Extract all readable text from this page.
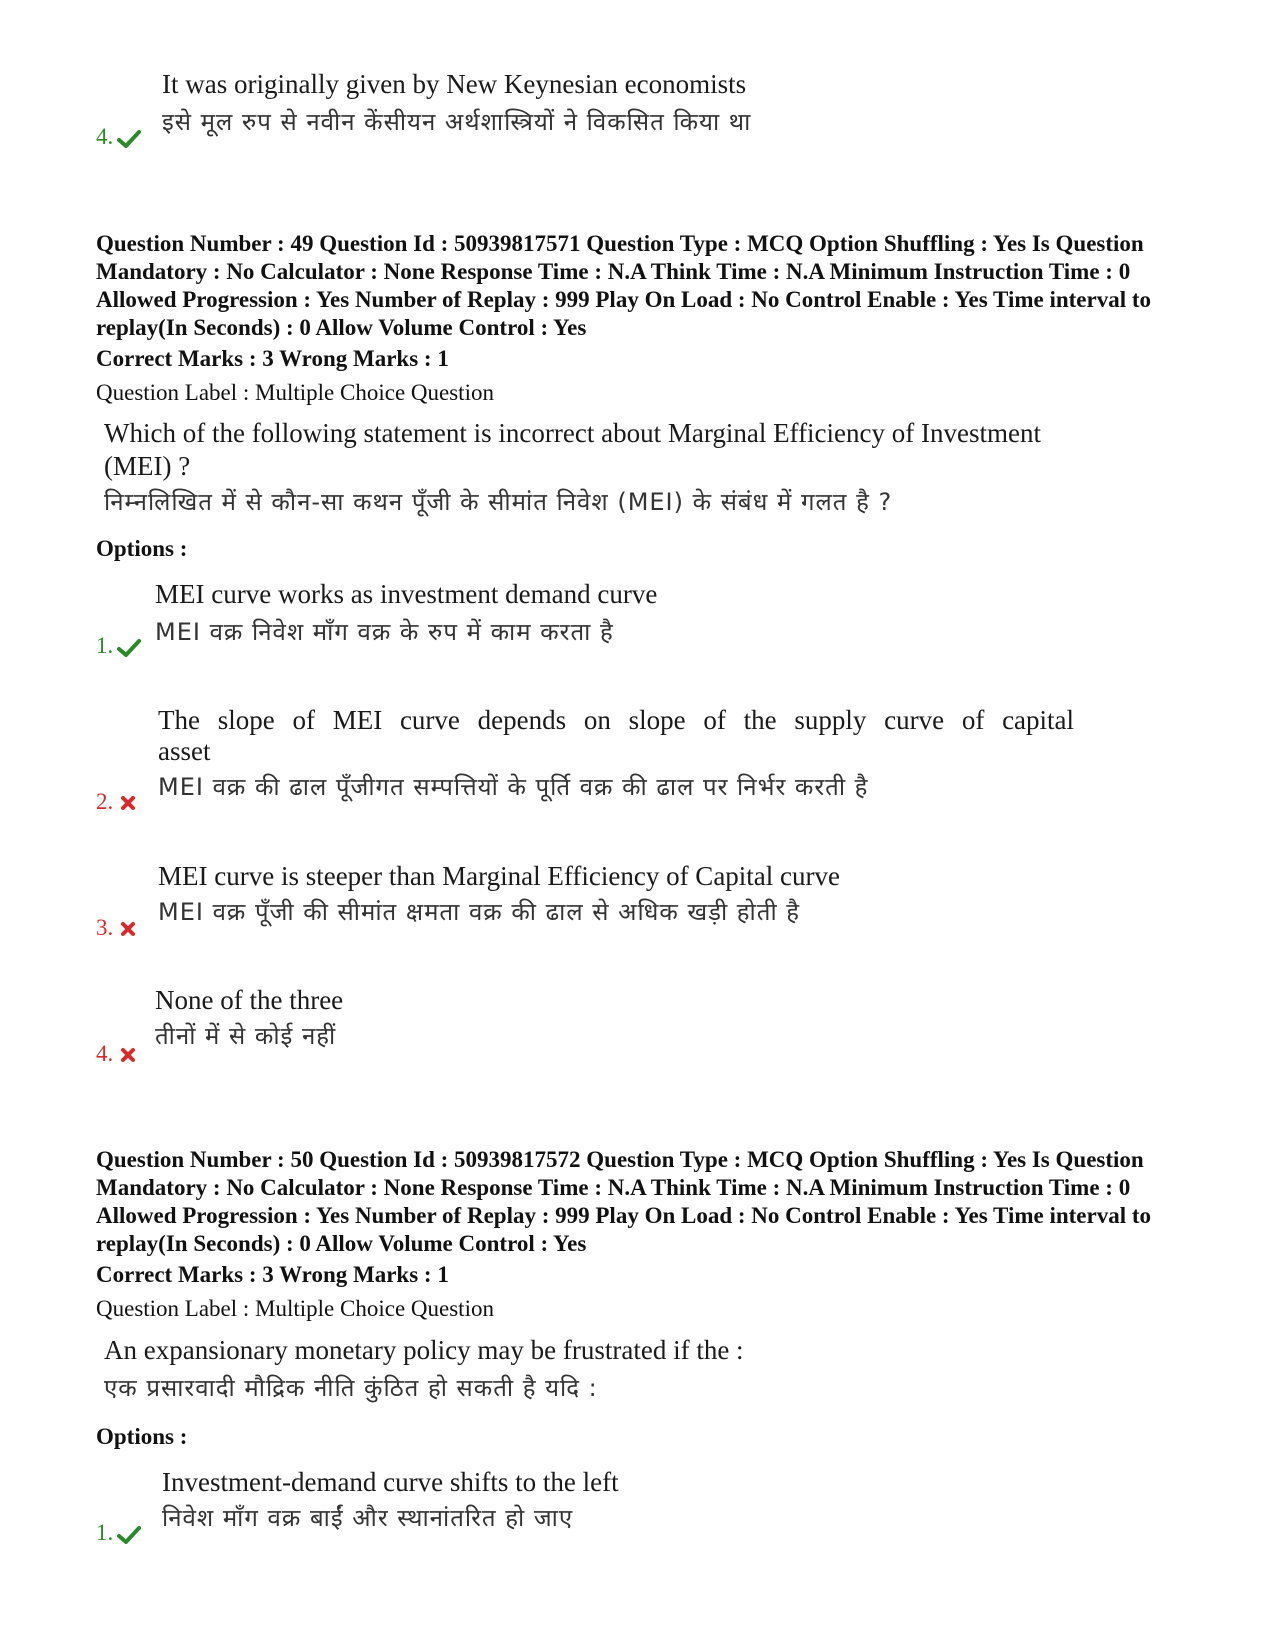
It was originally given by New Keynesian economists
इसे मूल रुप से नवीन केंसीयन अर्थशास्त्रियों ने विकसित किया था
4.

Question Number : 49 Question Id : 50939817571 Question Type : MCQ Option Shuffling : Yes Is Question Mandatory : No Calculator : None Response Time : N.A Think Time : N.A Minimum Instruction Time : 0 Allowed Progression : Yes Number of Replay : 999 Play On Load : No Control Enable : Yes Time interval to replay(In Seconds) : 0 Allow Volume Control : Yes

Correct Marks : 3 Wrong Marks : 1
Question Label : Multiple Choice Question
Which of the following statement is incorrect about Marginal Efficiency of Investment
(MEI) ?
निम्नलिखित में से कौन-सा कथन पूँजी के सीमांत निवेश (MEI) के संबंध में गलत है ?
Options :
MEI curve works as investment demand curve
MEI वक्र निवेश माँग वक्र के रुप में काम करता है
1.
The slope of MEI curve depends on slope of the supply curve of capital
asset
MEI वक्र की ढाल पूँजीगत सम्पत्तियों के पूर्ति वक्र की ढाल पर निर्भर करती है
2.
MEI curve is steeper than Marginal Efficiency of Capital curve
MEI वक्र पूँजी की सीमांत क्षमता वक्र की ढाल से अधिक खड़ी होती है
3.
None of the three
तीनों में से कोई नहीं
4.

Question Number : 50 Question Id : 50939817572 Question Type : MCQ Option Shuffling : Yes Is Question Mandatory : No Calculator : None Response Time : N.A Think Time : N.A Minimum Instruction Time : 0 Allowed Progression : Yes Number of Replay : 999 Play On Load : No Control Enable : Yes Time interval to replay(In Seconds) : 0 Allow Volume Control : Yes

Correct Marks : 3 Wrong Marks : 1
Question Label : Multiple Choice Question
An expansionary monetary policy may be frustrated if the :
एक प्रसारवादी मौद्रिक नीति कुंठित हो सकती है यदि :
Options :
Investment-demand curve shifts to the left
निवेश माँग वक्र बाईं और स्थानांतरित हो जाए
1.
